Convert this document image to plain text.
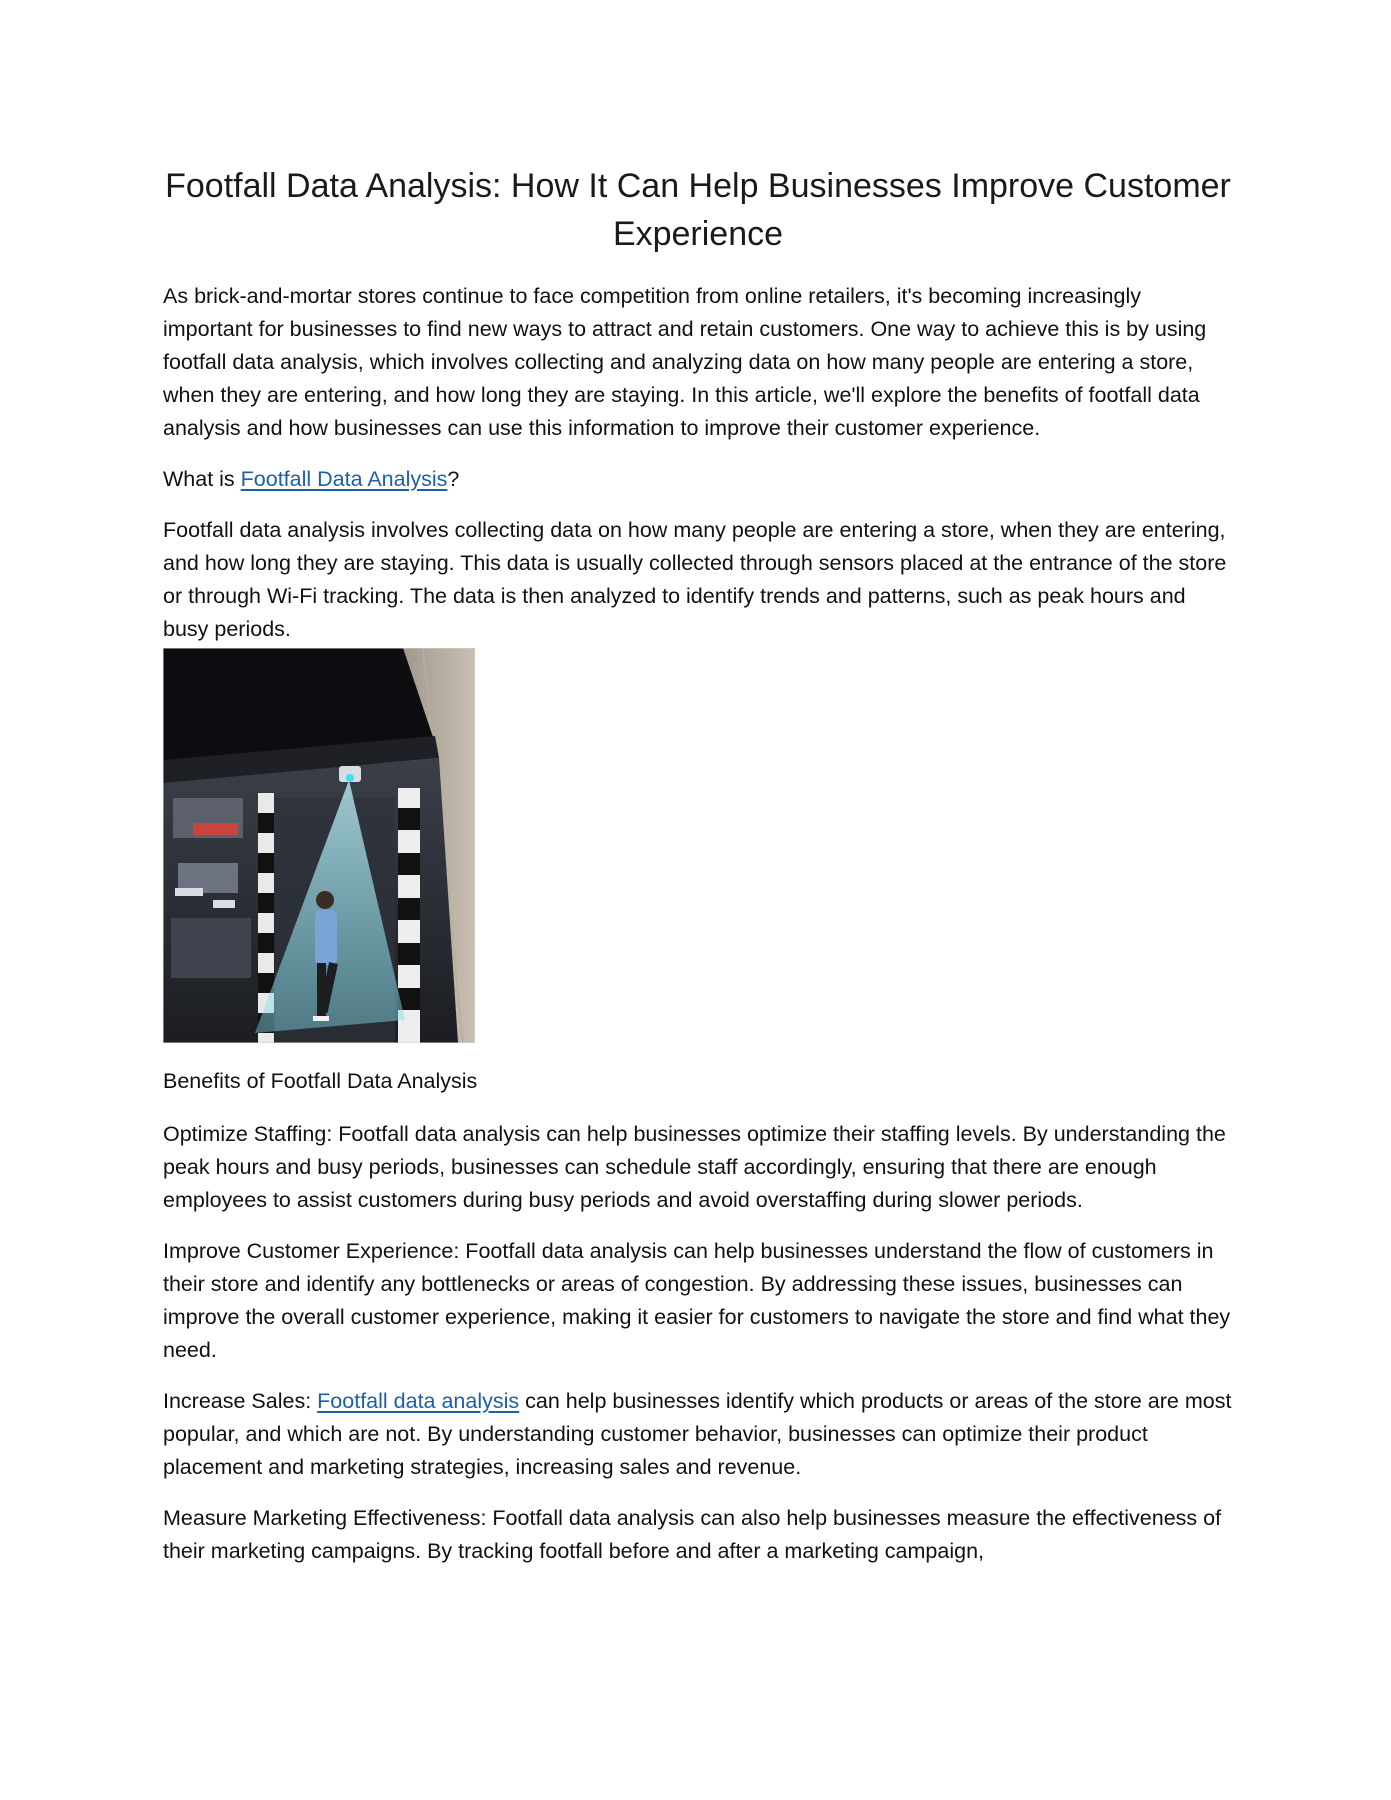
Footfall Data Analysis: How It Can Help Businesses Improve Customer Experience

As brick-and-mortar stores continue to face competition from online retailers, it's becoming increasingly important for businesses to find new ways to attract and retain customers. One way to achieve this is by using footfall data analysis, which involves collecting and analyzing data on how many people are entering a store, when they are entering, and how long they are staying. In this article, we'll explore the benefits of footfall data analysis and how businesses can use this information to improve their customer experience.

What is Footfall Data Analysis?

Footfall data analysis involves collecting data on how many people are entering a store, when they are entering, and how long they are staying. This data is usually collected through sensors placed at the entrance of the store or through Wi-Fi tracking. The data is then analyzed to identify trends and patterns, such as peak hours and busy periods.

Benefits of Footfall Data Analysis

Optimize Staffing: Footfall data analysis can help businesses optimize their staffing levels. By understanding the peak hours and busy periods, businesses can schedule staff accordingly, ensuring that there are enough employees to assist customers during busy periods and avoid overstaffing during slower periods.

Improve Customer Experience: Footfall data analysis can help businesses understand the flow of customers in their store and identify any bottlenecks or areas of congestion. By addressing these issues, businesses can improve the overall customer experience, making it easier for customers to navigate the store and find what they need.

Increase Sales: Footfall data analysis can help businesses identify which products or areas of the store are most popular, and which are not. By understanding customer behavior, businesses can optimize their product placement and marketing strategies, increasing sales and revenue.

Measure Marketing Effectiveness: Footfall data analysis can also help businesses measure the effectiveness of their marketing campaigns. By tracking footfall before and after a marketing campaign,
